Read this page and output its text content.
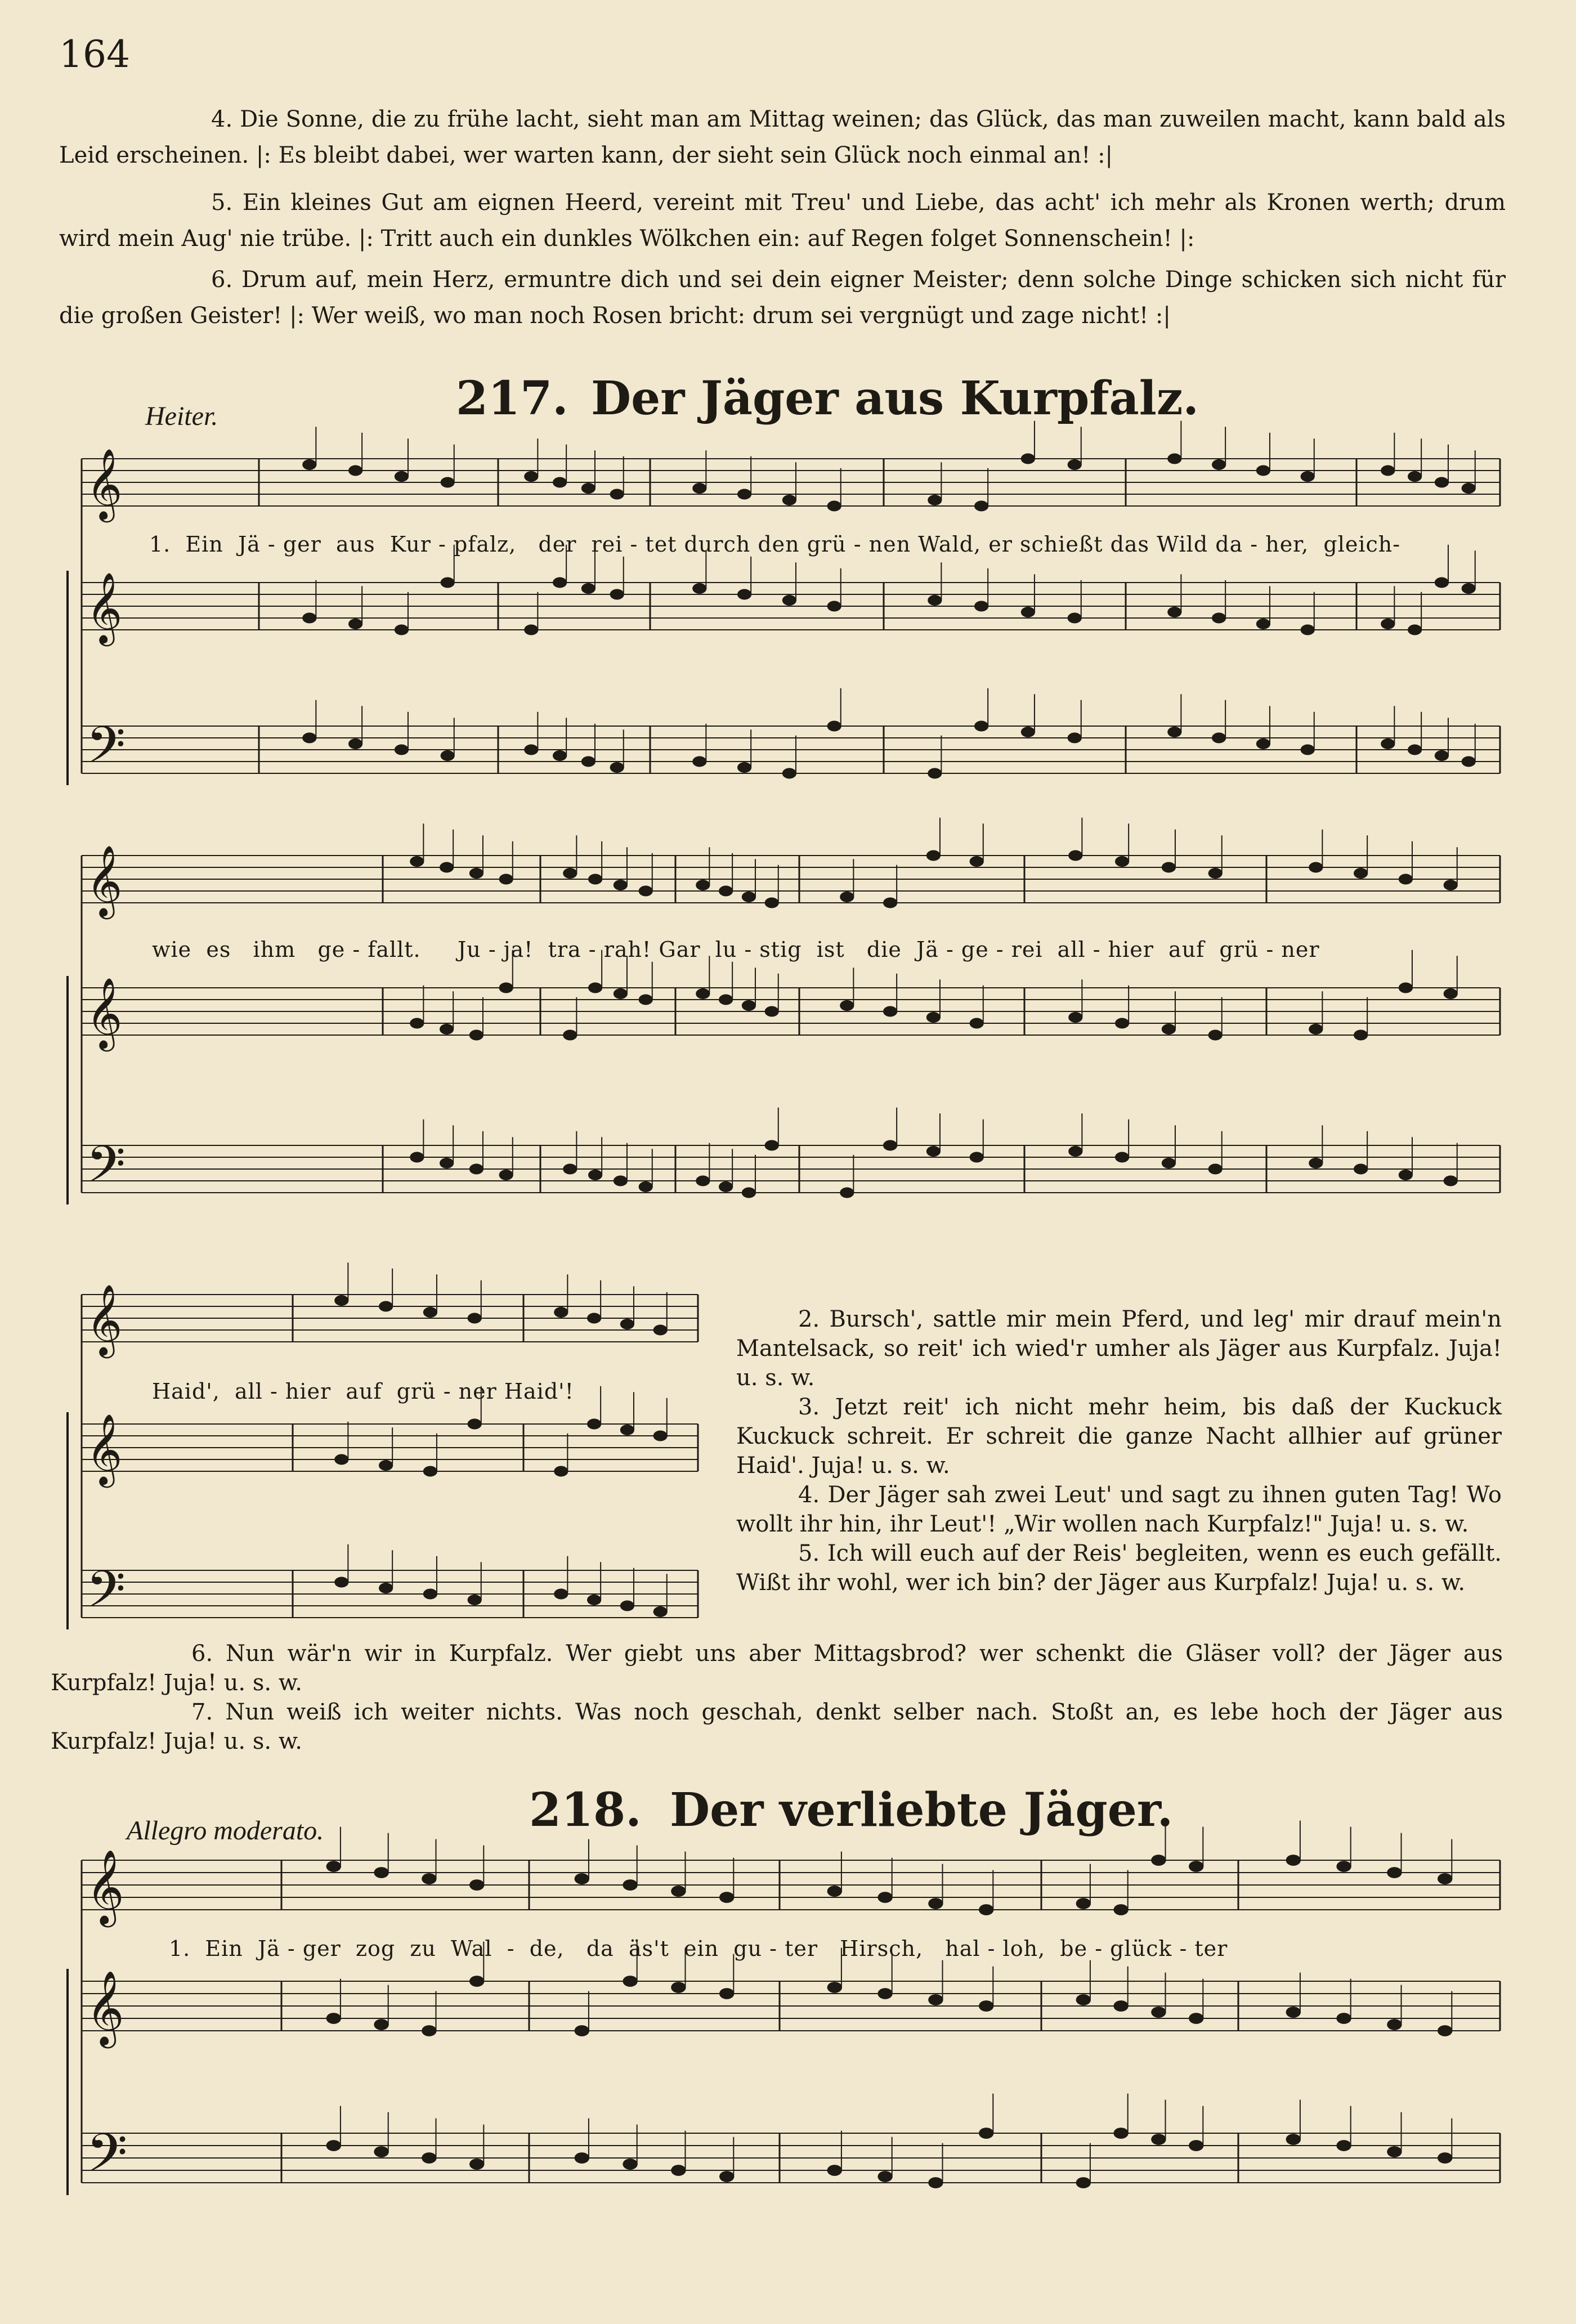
164
4. Die Sonne, die zu frühe lacht, sieht man am Mittag weinen; das Glück, das man zuweilen macht, kann bald als Leid erscheinen. |: Es bleibt dabei, wer warten kann, der sieht sein Glück noch einmal an! :|
5. Ein kleines Gut am eignen Heerd, vereint mit Treu' und Liebe, das acht' ich mehr als Kronen werth; drum wird mein Aug' nie trübe. |: Tritt auch ein dunkles Wölkchen ein: auf Regen folget Sonnenschein! |:
6. Drum auf, mein Herz, ermuntre dich und sei dein eigner Meister; denn solche Dinge schicken sich nicht für die großen Geister! |: Wer weiß, wo man noch Rosen bricht: drum sei vergnügt und zage nicht! :|
Heiter.	217. Der Jäger aus Kurpfalz.
𝄞
𝄞
𝄢
1.  Ein  Jä - ger  aus  Kur - pfalz,   der  rei - tet durch den grü - nen Wald, er schießt das Wild da - her,  gleich-
𝄞
𝄞
𝄢
wie  es   ihm   ge - fallt.     Ju - ja!  tra - rah! Gar  lu - stig  ist   die  Jä - ge - rei  all - hier  auf  grü - ner
𝄞
𝄞
𝄢
Haid',  all - hier  auf  grü - ner Haid'!
2. Bursch', sattle mir mein Pferd, und leg' mir drauf mein'n Mantelsack, so reit' ich wied'r umher als Jäger aus Kurpfalz. Juja! u. s. w.
3. Jetzt reit' ich nicht mehr heim, bis daß der Kuckuck Kuckuck schreit. Er schreit die ganze Nacht allhier auf grüner Haid'. Juja! u. s. w.
4. Der Jäger sah zwei Leut' und sagt zu ihnen guten Tag! Wo wollt ihr hin, ihr Leut'! „Wir wollen nach Kurpfalz!" Juja! u. s. w.
5. Ich will euch auf der Reis' begleiten, wenn es euch gefällt. Wißt ihr wohl, wer ich bin? der Jäger aus Kurpfalz! Juja! u. s. w.
6. Nun wär'n wir in Kurpfalz. Wer giebt uns aber Mittagsbrod? wer schenkt die Gläser voll? der Jäger aus Kurpfalz! Juja! u. s. w.
7. Nun weiß ich weiter nichts. Was noch geschah, denkt selber nach. Stoßt an, es lebe hoch der Jäger aus Kurpfalz! Juja! u. s. w.
218. Der verliebte Jäger.
Allegro moderato.
𝄞
𝄞
𝄢
1.  Ein  Jä - ger  zog  zu  Wal  -  de,   da  äs't  ein  gu - ter   Hirsch,   hal - loh,  be - glück - ter
